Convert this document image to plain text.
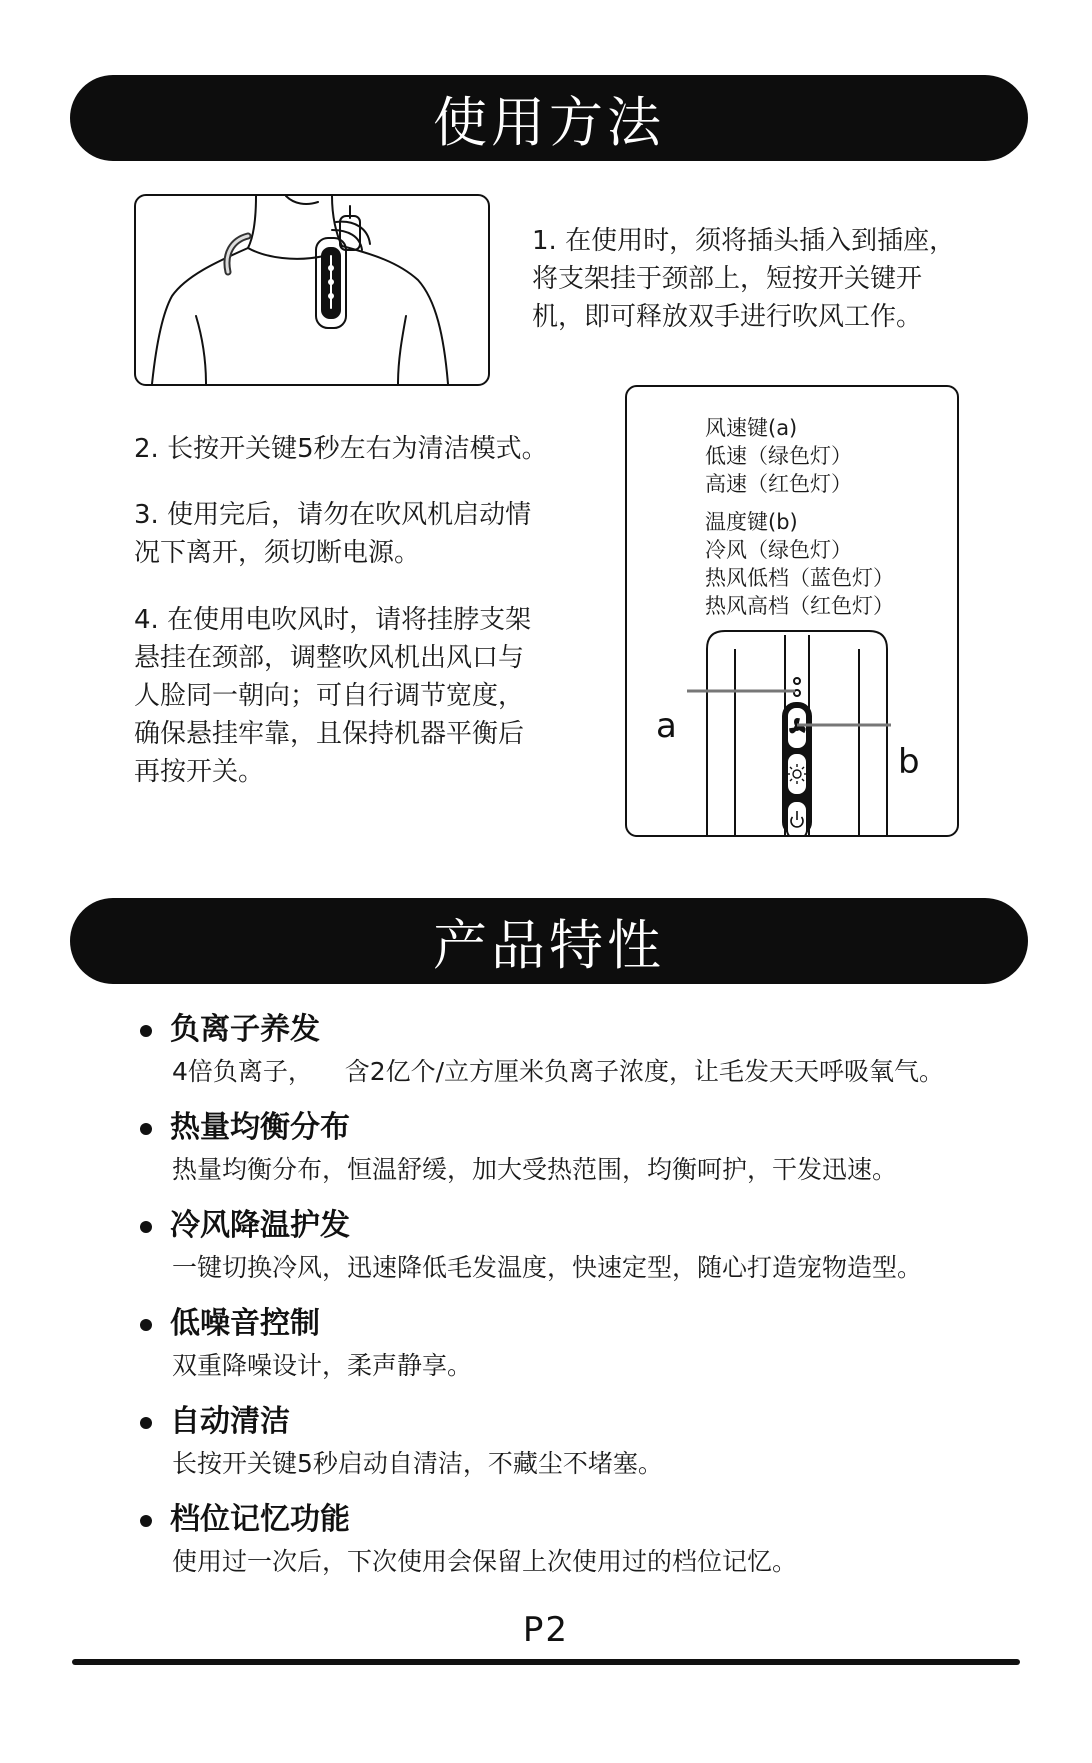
使用方法
1. 在使用时，须将插头插入到插座，
将支架挂于颈部上，短按开关键开
机，即可释放双手进行吹风工作。
2. 长按开关键5秒左右为清洁模式。
3. 使用完后，请勿在吹风机启动情
况下离开，须切断电源。
4. 在使用电吹风时，请将挂脖支架
悬挂在颈部，调整吹风机出风口与
人脸同一朝向；可自行调节宽度，
确保悬挂牢靠，且保持机器平衡后
再按开关。
风速键(a)
低速（绿色灯）
高速（红色灯）
温度键(b)
冷风（绿色灯）
热风低档（蓝色灯）
热风高档（红色灯）
a
b
产品特性
负离子养发
4倍负离子，    含2亿个/立方厘米负离子浓度，让毛发天天呼吸氧气。
热量均衡分布
热量均衡分布，恒温舒缓，加大受热范围，均衡呵护，干发迅速。
冷风降温护发
一键切换冷风，迅速降低毛发温度，快速定型，随心打造宠物造型。
低噪音控制
双重降噪设计，柔声静享。
自动清洁
长按开关键5秒启动自清洁，不藏尘不堵塞。
档位记忆功能
使用过一次后，下次使用会保留上次使用过的档位记忆。
P2
